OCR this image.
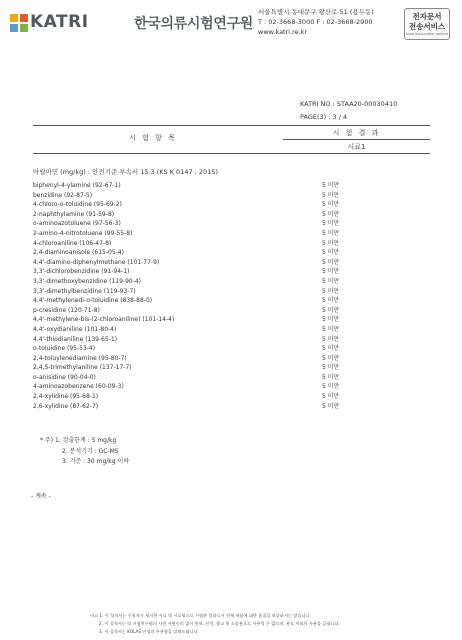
KATRI	한국의류시험연구원
서울특별시 동대문구 왕산로 51 (용두동)
T : 02-3668-3000 F : 02-3668-2900
www.katri.re.kr
전자문서
전송서비스
KATRI EDOCUMENT SERVICE
KATRI NO : STAA20-00030410
PAGE(3) : 3 / 4
시 험 항 목
시 험 결 과
시료1
아릴아민 (mg/kg) : 안전기준 부속서 15.3 (KS K 0147 : 2015)
biphenyl-4-ylamine (92-67-1)	5 미만
benzidine (92-87-5)	5 미만
4-chloro-o-toluidine (95-69-2)	5 미만
2-naphthylamine (91-59-8)	5 미만
o-aminoazotoluene (97-56-3)	5 미만
2-amino-4-nitrotoluene (99-55-8)	5 미만
4-chloroaniline (106-47-8)	5 미만
2,4-diaminoanisole (615-05-4)	5 미만
4,4'-diamino-diphenylmethane (101-77-9)	5 미만
3,3'-dichlorobenzidine (91-94-1)	5 미만
3,3'-dimethoxybenzidine (119-90-4)	5 미만
3,3'-dimethylbenzidine (119-93-7)	5 미만
4,4'-methylenedi-o-toluidine (838-88-0)	5 미만
p-cresidine (120-71-8)	5 미만
4,4'-methylene-bis-(2-chloroaniline) (101-14-4)	5 미만
4,4'-oxydianiline (101-80-4)	5 미만
4,4'-thiodianiline (139-65-1)	5 미만
o-toluidine (95-53-4)	5 미만
2,4-toluylenediamine (95-80-7)	5 미만
2,4,5-trimethylaniline (137-17-7)	5 미만
o-anisidine (90-04-0)	5 미만
4-aminoazobenzene (60-09-3)	5 미만
2,4-xylidine (95-68-1)	5 미만
2,6-xylidine (87-62-7)	5 미만
* 주) 1. 검출한계 : 5 mg/kg
2. 분석기기 : GC-MS
3. 기준 : 30 mg/kg 이하
- 계속 -
비고 1. 이 성적서는 신청자가 제시한 시료 및 시료명으로 시험한 결과로서 전체 제품에 대한 품질을 보증하지는 않습니다.
2. 이 성적서는 당 시험연구원의 사전 서면동의 없이 홍보, 선전, 광고 및 소송용으로 사용될 수 없으며, 용도 이외의 사용을 금합니다.
3. 이 성적서는 KOLAS 인정과 무관함을 알려드립니다.
